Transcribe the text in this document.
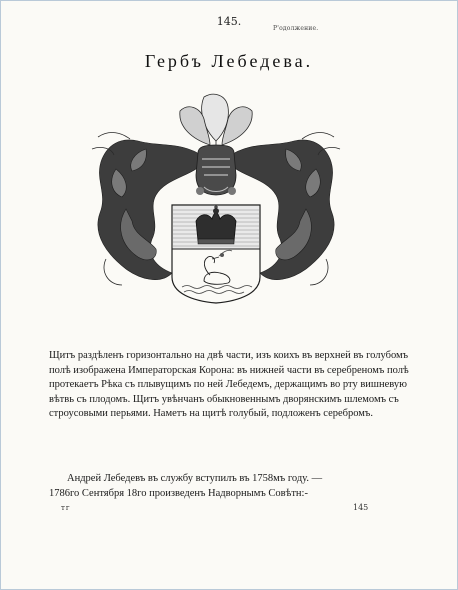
145.
Р'одолжение.
Гербъ Лебедева.

Щитъ раздѣленъ горизонтально на двѣ части, изъ коихъ въ верхней въ голубомъ полѣ изображена Императорская Корона: въ нижней части въ серебреномъ полѣ протекаетъ Рѣка съ плывущимъ по ней Лебедемъ, держащимъ во рту вишневую вѣтвь съ плодомъ. Щитъ увѣнчанъ обыкновеннымъ дворянскимъ шлемомъ съ строусовыми перьями. Наметъ на щитѣ голубый, подложенъ серебромъ.

Андрей Лебедевъ въ службу вступилъ въ 1758мъ году. —
1786го Сентября 18го произведенъ Надворнымъ Совѣтн:-
тг	145
